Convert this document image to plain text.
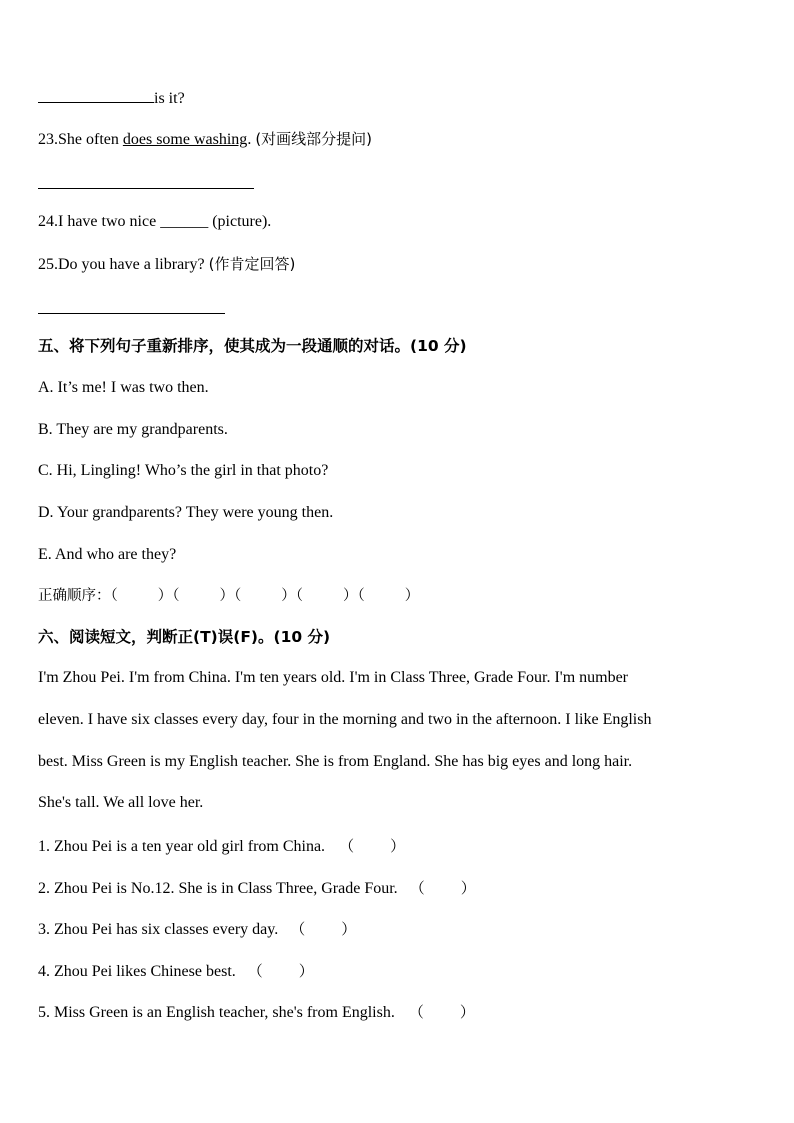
is it?
23.She often does some washing. (对画线部分提问)
24.I have two nice ______ (picture).
25.Do you have a library? (作肯定回答)
五、将下列句子重新排序，使其成为一段通顺的对话。(10 分)
A. It’s me! I was two then.
B. They are my grandparents.
C. Hi, Lingling! Who’s the girl in that photo?
D. Your grandparents? They were young then.
E. And who are they?
正确顺序：（	）（	）（	）（	）（	）
六、阅读短文，判断正(T)误(F)。(10 分)
I'm Zhou Pei. I'm from China. I'm ten years old. I'm in Class Three, Grade Four. I'm number
eleven. I have six classes every day, four in the morning and two in the afternoon. I like English
best. Miss Green is my English teacher. She is from England. She has big eyes and long hair.
She's tall. We all love her.
1. Zhou Pei is a ten year old girl from China. （ ）
2. Zhou Pei is No.12. She is in Class Three, Grade Four. （ ）
3. Zhou Pei has six classes every day. （ ）
4. Zhou Pei likes Chinese best. （ ）
5. Miss Green is an English teacher, she's from English. （ ）
